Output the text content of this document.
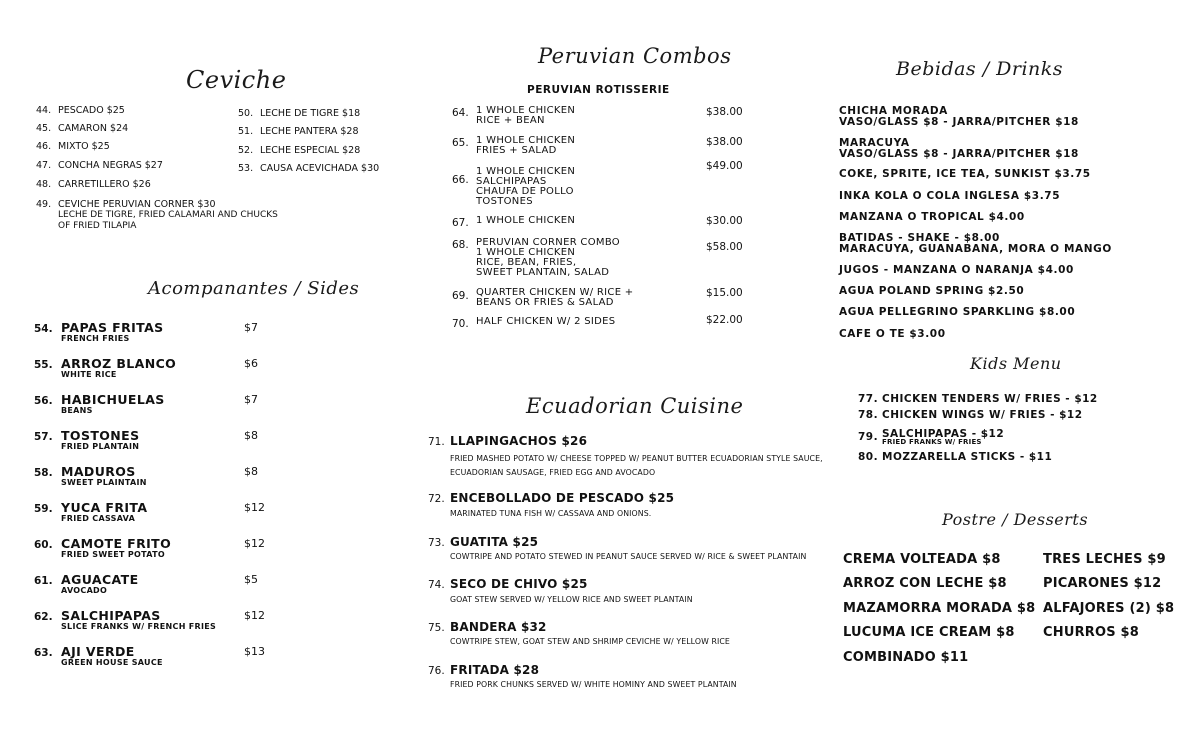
Ceviche
44. PESCADO $25
45. CAMARON $24
46. MIXTO $25
47. CONCHA NEGRAS $27
48. CARRETILLERO $26
49. CEVICHE PERUVIAN CORNER $30
LECHE DE TIGRE, FRIED CALAMARI AND CHUCKS
OF FRIED TILAPIA
50. LECHE DE TIGRE $18
51. LECHE PANTERA $28
52. LECHE ESPECIAL $28
53. CAUSA ACEVICHADA $30
Acompanantes / Sides
54. PAPAS FRITAS
FRENCH FRIES
$7
55. ARROZ BLANCO
WHITE RICE
$6
56. HABICHUELAS
BEANS
$7
57. TOSTONES
FRIED PLANTAIN
$8
58. MADUROS
SWEET PLAINTAIN
$8
59. YUCA FRITA
FRIED CASSAVA
$12
60. CAMOTE FRITO
FRIED SWEET POTATO
$12
61. AGUACATE
AVOCADO
$5
62. SALCHIPAPAS
SLICE FRANKS W/ FRENCH FRIES
$12
63. AJI VERDE
GREEN HOUSE SAUCE
$13
Peruvian Combos
PERUVIAN ROTISSERIE
64. 1 WHOLE CHICKEN
RICE + BEAN
$38.00
65. 1 WHOLE CHICKEN
FRIES + SALAD
$38.00
66.
1 WHOLE CHICKEN
SALCHIPAPAS
CHAUFA DE POLLO
TOSTONES
$49.00
67. 1 WHOLE CHICKEN	$30.00
68. PERUVIAN CORNER COMBO
1 WHOLE CHICKEN
RICE, BEAN, FRIES,
SWEET PLANTAIN, SALAD
$58.00
69. QUARTER CHICKEN W/ RICE +
BEANS OR FRIES & SALAD
$15.00
70. HALF CHICKEN W/ 2 SIDES	$22.00
Ecuadorian Cuisine
71. LLAPINGACHOS $26
FRIED MASHED POTATO W/ CHEESE TOPPED W/ PEANUT BUTTER ECUADORIAN STYLE SAUCE,
ECUADORIAN SAUSAGE, FRIED EGG AND AVOCADO
72. ENCEBOLLADO DE PESCADO $25
MARINATED TUNA FISH W/ CASSAVA AND ONIONS.
73. GUATITA $25
COWTRIPE AND POTATO STEWED IN PEANUT SAUCE SERVED W/ RICE & SWEET PLANTAIN
74. SECO DE CHIVO $25
GOAT STEW SERVED W/ YELLOW RICE AND SWEET PLANTAIN
75. BANDERA $32
COWTRIPE STEW, GOAT STEW AND SHRIMP CEVICHE W/ YELLOW RICE
76. FRITADA $28
FRIED PORK CHUNKS SERVED W/ WHITE HOMINY AND SWEET PLANTAIN
Bebidas / Drinks
CHICHA MORADA
VASO/GLASS $8 - JARRA/PITCHER $18
MARACUYA
VASO/GLASS $8 - JARRA/PITCHER $18
COKE, SPRITE, ICE TEA, SUNKIST $3.75
INKA KOLA O COLA INGLESA $3.75
MANZANA O TROPICAL $4.00
BATIDAS - SHAKE - $8.00
MARACUYA, GUANABANA, MORA O MANGO
JUGOS - MANZANA O NARANJA $4.00
AGUA POLAND SPRING $2.50
AGUA PELLEGRINO SPARKLING $8.00
CAFE O TE $3.00
Kids Menu
77. CHICKEN TENDERS W/ FRIES - $12
78. CHICKEN WINGS W/ FRIES - $12
79. SALCHIPAPAS - $12
FRIED FRANKS W/ FRIES
80. MOZZARELLA STICKS - $11
Postre / Desserts
CREMA VOLTEADA $8
ARROZ CON LECHE $8
MAZAMORRA MORADA $8
LUCUMA ICE CREAM $8
COMBINADO $11
TRES LECHES $9
PICARONES $12
ALFAJORES (2) $8
CHURROS $8
